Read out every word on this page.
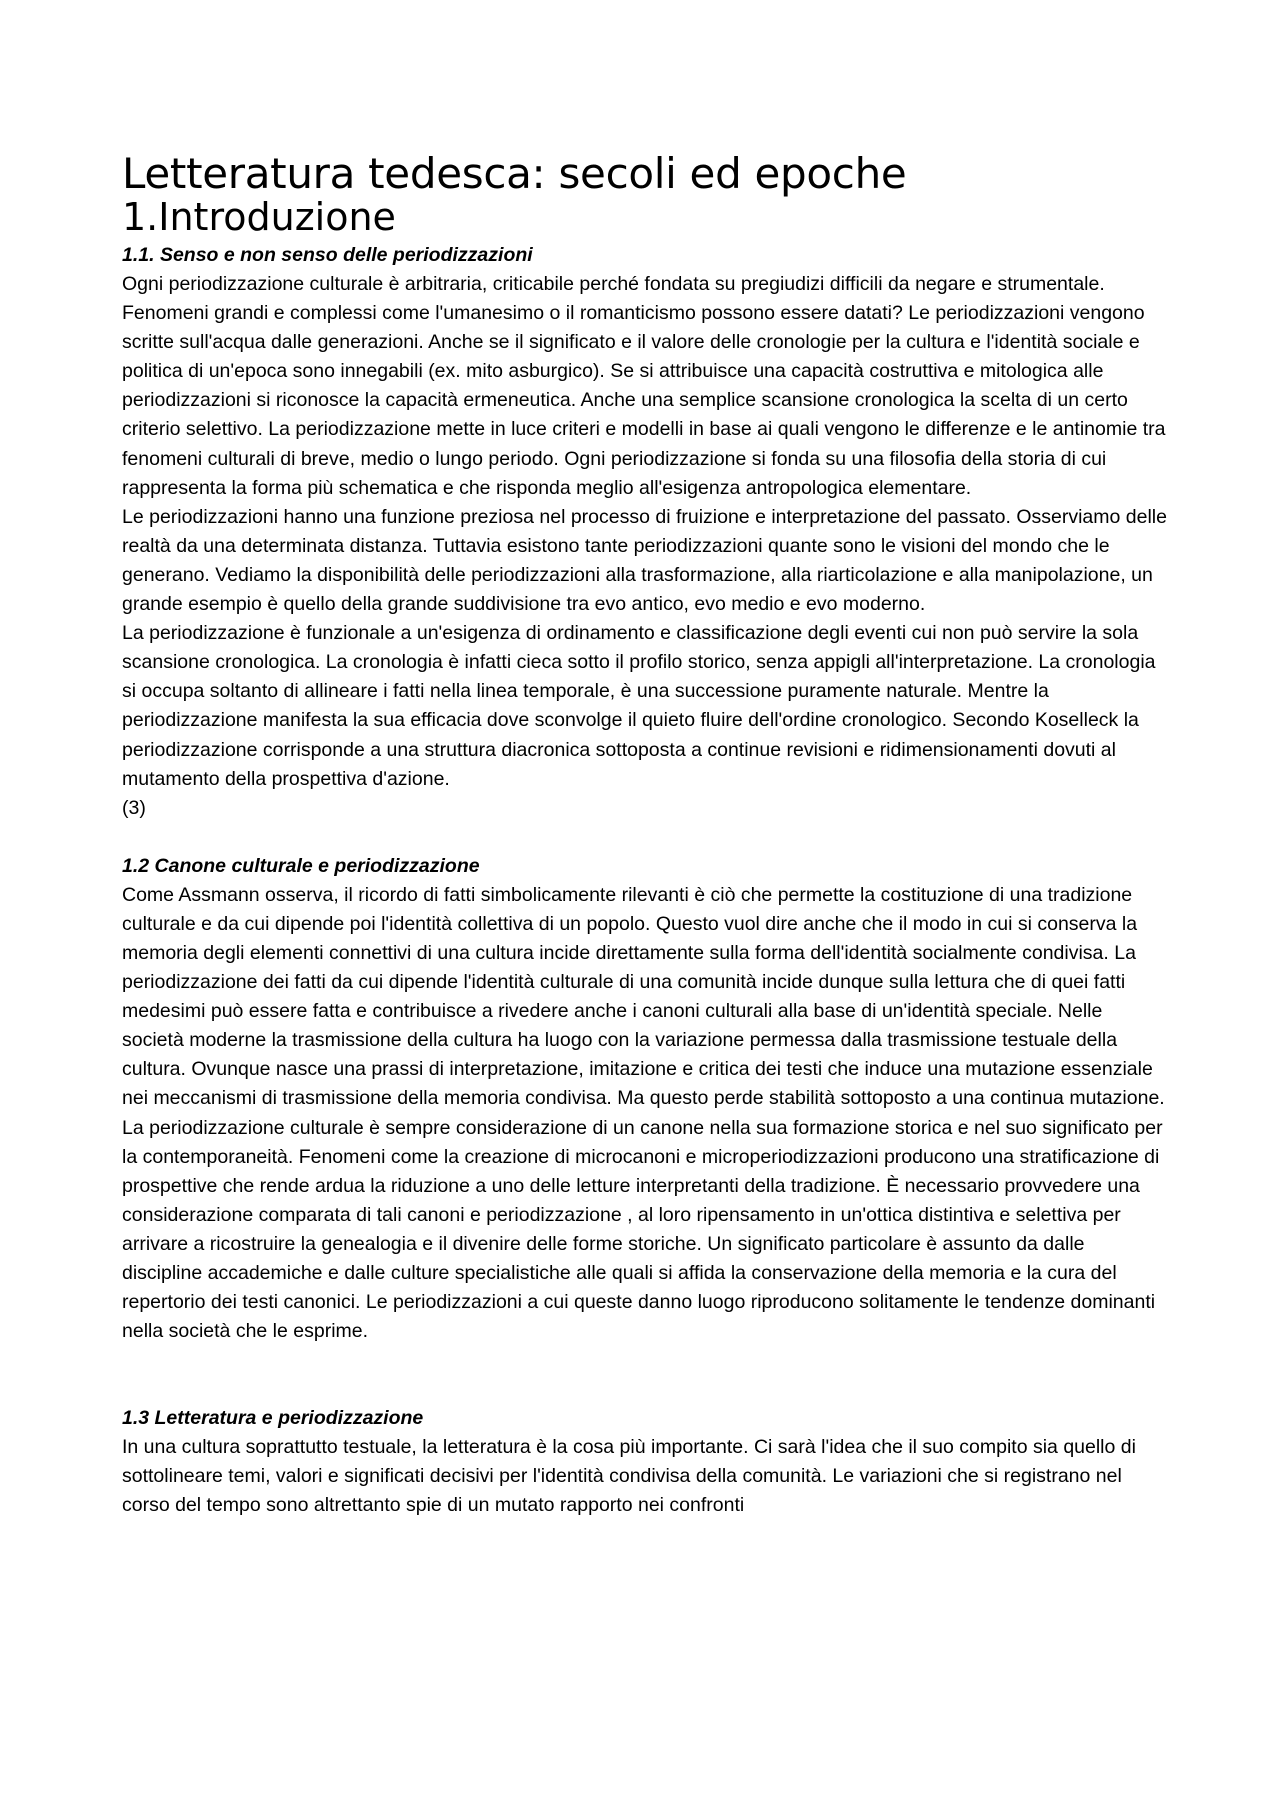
Letteratura tedesca: secoli ed epoche
1.Introduzione

1.1. Senso e non senso delle periodizzazioni

Ogni periodizzazione culturale è arbitraria, criticabile perché fondata su pregiudizi difficili da negare e strumentale. Fenomeni grandi e complessi come l'umanesimo o il romanticismo possono essere datati? Le periodizzazioni vengono scritte sull'acqua dalle generazioni. Anche se il significato e il valore delle cronologie per la cultura e l'identità sociale e politica di un'epoca sono innegabili (ex. mito asburgico). Se si attribuisce una capacità costruttiva e mitologica alle periodizzazioni si riconosce la capacità ermeneutica. Anche una semplice scansione cronologica la scelta di un certo criterio selettivo. La periodizzazione mette in luce criteri e modelli in base ai quali vengono le differenze e le antinomie tra fenomeni culturali di breve, medio o lungo periodo. Ogni periodizzazione si fonda su una filosofia della storia di cui rappresenta la forma più schematica e che risponda meglio all'esigenza antropologica elementare.

Le periodizzazioni hanno una funzione preziosa nel processo di fruizione e interpretazione del passato. Osserviamo delle realtà da una determinata distanza. Tuttavia esistono tante periodizzazioni quante sono le visioni del mondo che le generano. Vediamo la disponibilità delle periodizzazioni alla trasformazione, alla riarticolazione e alla manipolazione, un grande esempio è quello della grande suddivisione tra evo antico, evo medio e evo moderno.

La periodizzazione è funzionale a un'esigenza di ordinamento e classificazione degli eventi cui non può servire la sola scansione cronologica. La cronologia è infatti cieca sotto il profilo storico, senza appigli all'interpretazione. La cronologia si occupa soltanto di allineare i fatti nella linea temporale, è una successione puramente naturale. Mentre la periodizzazione manifesta la sua efficacia dove sconvolge il quieto fluire dell'ordine cronologico. Secondo Koselleck la periodizzazione corrisponde a una struttura diacronica sottoposta a continue revisioni e ridimensionamenti dovuti al mutamento della prospettiva d'azione.

(3)

1.2 Canone culturale e periodizzazione

Come Assmann osserva, il ricordo di fatti simbolicamente rilevanti è ciò che permette la costituzione di una tradizione culturale e da cui dipende poi l'identità collettiva di un popolo. Questo vuol dire anche che il modo in cui si conserva la memoria degli elementi connettivi di una cultura incide direttamente sulla forma dell'identità socialmente condivisa. La periodizzazione dei fatti da cui dipende l'identità culturale di una comunità incide dunque sulla lettura che di quei fatti medesimi può essere fatta e contribuisce a rivedere anche i canoni culturali alla base di un'identità speciale. Nelle società moderne la trasmissione della cultura ha luogo con la variazione permessa dalla trasmissione testuale della cultura. Ovunque nasce una prassi di interpretazione, imitazione e critica dei testi che induce una mutazione essenziale nei meccanismi di trasmissione della memoria condivisa. Ma questo perde stabilità sottoposto a una continua mutazione. La periodizzazione culturale è sempre considerazione di un canone nella sua formazione storica e nel suo significato per la contemporaneità. Fenomeni come la creazione di microcanoni e microperiodizzazioni producono una stratificazione di prospettive che rende ardua la riduzione a uno delle letture interpretanti della tradizione. È necessario provvedere una considerazione comparata di tali canoni e periodizzazione , al loro ripensamento in un'ottica distintiva e selettiva per arrivare a ricostruire la genealogia e il divenire delle forme storiche. Un significato particolare è assunto da dalle discipline accademiche e dalle culture specialistiche alle quali si affida la conservazione della memoria e la cura del repertorio dei testi canonici. Le periodizzazioni a cui queste danno luogo riproducono solitamente le tendenze dominanti nella società che le esprime.

1.3 Letteratura e periodizzazione

In una cultura soprattutto testuale, la letteratura è la cosa più importante. Ci sarà l'idea che il suo compito sia quello di sottolineare temi, valori e significati decisivi per l'identità condivisa della comunità. Le variazioni che si registrano nel corso del tempo sono altrettanto spie di un mutato rapporto nei confronti
